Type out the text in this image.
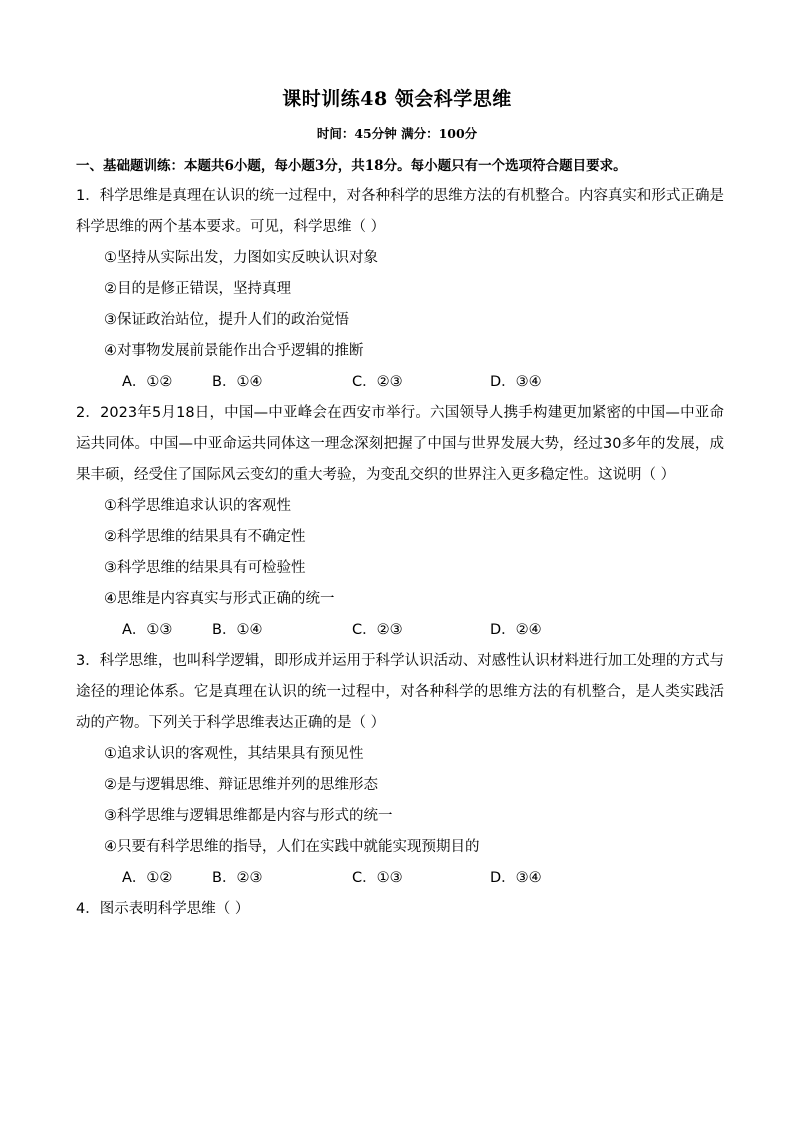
课时训练48 领会科学思维
时间：45分钟 满分：100分
一、基础题训练：本题共6小题，每小题3分，共18分。每小题只有一个选项符合题目要求。

1．科学思维是真理在认识的统一过程中，对各种科学的思维方法的有机整合。内容真实和形式正确是科学思维的两个基本要求。可见，科学思维（ ）

①坚持从实际出发，力图如实反映认识对象

②目的是修正错误，坚持真理

③保证政治站位，提升人们的政治觉悟

④对事物发展前景能作出合乎逻辑的推断

A．①②	B．①④	C．②③	D．③④

2．2023年5月18日，中国—中亚峰会在西安市举行。六国领导人携手构建更加紧密的中国—中亚命运共同体。中国—中亚命运共同体这一理念深刻把握了中国与世界发展大势，经过30多年的发展，成果丰硕，经受住了国际风云变幻的重大考验，为变乱交织的世界注入更多稳定性。这说明（ ）

①科学思维追求认识的客观性

②科学思维的结果具有不确定性

③科学思维的结果具有可检验性

④思维是内容真实与形式正确的统一

A．①③	B．①④	C．②③	D．②④

3．科学思维，也叫科学逻辑，即形成并运用于科学认识活动、对感性认识材料进行加工处理的方式与途径的理论体系。它是真理在认识的统一过程中，对各种科学的思维方法的有机整合，是人类实践活动的产物。下列关于科学思维表达正确的是（ ）

①追求认识的客观性，其结果具有预见性

②是与逻辑思维、辩证思维并列的思维形态

③科学思维与逻辑思维都是内容与形式的统一

④只要有科学思维的指导，人们在实践中就能实现预期目的

A．①②	B．②③	C．①③	D．③④

4．图示表明科学思维（ ）
